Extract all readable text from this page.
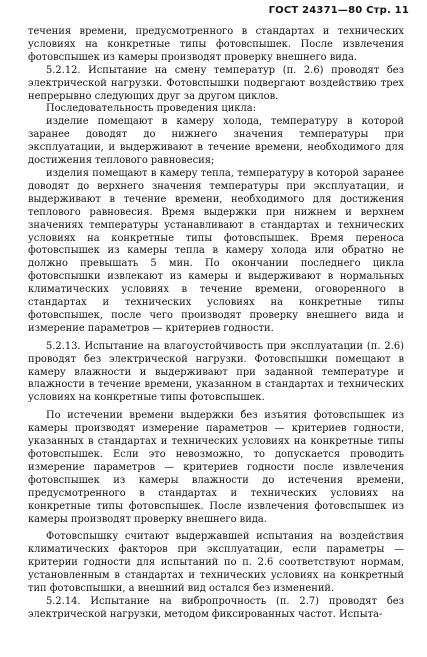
ГОСТ 24371—80 Стр. 11

течения времени, предусмотренного в стандартах и технических условиях на конкретные типы фотовспышек. После извлечения фотовспышек из камеры производят проверку внешнего вида.

5.2.12. Испытание на смену температур (п. 2.6) проводят без электрической нагрузки. Фотовспышки подвергают воздействию трех непрерывно следующих друг за другом циклов.

Последовательность проведения цикла:

изделие помещают в камеру холода, температуру в которой заранее доводят до нижнего значения температуры при эксплуатации, и выдерживают в течение времени, необходимого для достижения теплового равновесия;

изделия помещают в камеру тепла, температуру в которой заранее доводят до верхнего значения температуры при эксплуатации, и выдерживают в течение времени, необходимого для достижения теплового равновесия. Время выдержки при нижнем и верхнем значениях температуры устанавливают в стандартах и технических условиях на конкретные типы фотовспышек. Время переноса фотовспышек из камеры тепла в камеру холода или обратно не должно превышать 5 мин. По окончании последнего цикла фотовспышки извлекают из камеры и выдерживают в нормальных климатических условиях в течение времени, оговоренного в стандартах и технических условиях на конкретные типы фотовспышек, после чего производят проверку внешнего вида и измерение параметров — критериев годности.

5.2.13. Испытание на влагоустойчивость при эксплуатации (п. 2.6) проводят без электрической нагрузки. Фотовспышки помещают в камеру влажности и выдерживают при заданной температуре и влажности в течение времени, указанном в стандартах и технических условиях на конкретные типы фотовспышек.

По истечении времени выдержки без изъятия фотовспышек из камеры производят измерение параметров — критериев годности, указанных в стандартах и технических условиях на конкретные типы фотовспышек. Если это невозможно, то допускается проводить измерение параметров — критериев годности после извлечения фотовспышек из камеры влажности до истечения времени, предусмотренного в стандартах и технических условиях на конкретные типы фотовспышек. После извлечения фотовспышек из камеры производят проверку внешнего вида.

Фотовспышку считают выдержавшей испытания на воздействия климатических факторов при эксплуатации, если параметры — критерии годности для испытаний по п. 2.6 соответствуют нормам, установленным в стандартах и технических условиях на конкретный тип фотовспышки, а внешний вид остался без изменений.

5.2.14. Испытание на вибропрочность (п. 2.7) проводят без электрической нагрузки, методом фиксированных частот. Испыта-
